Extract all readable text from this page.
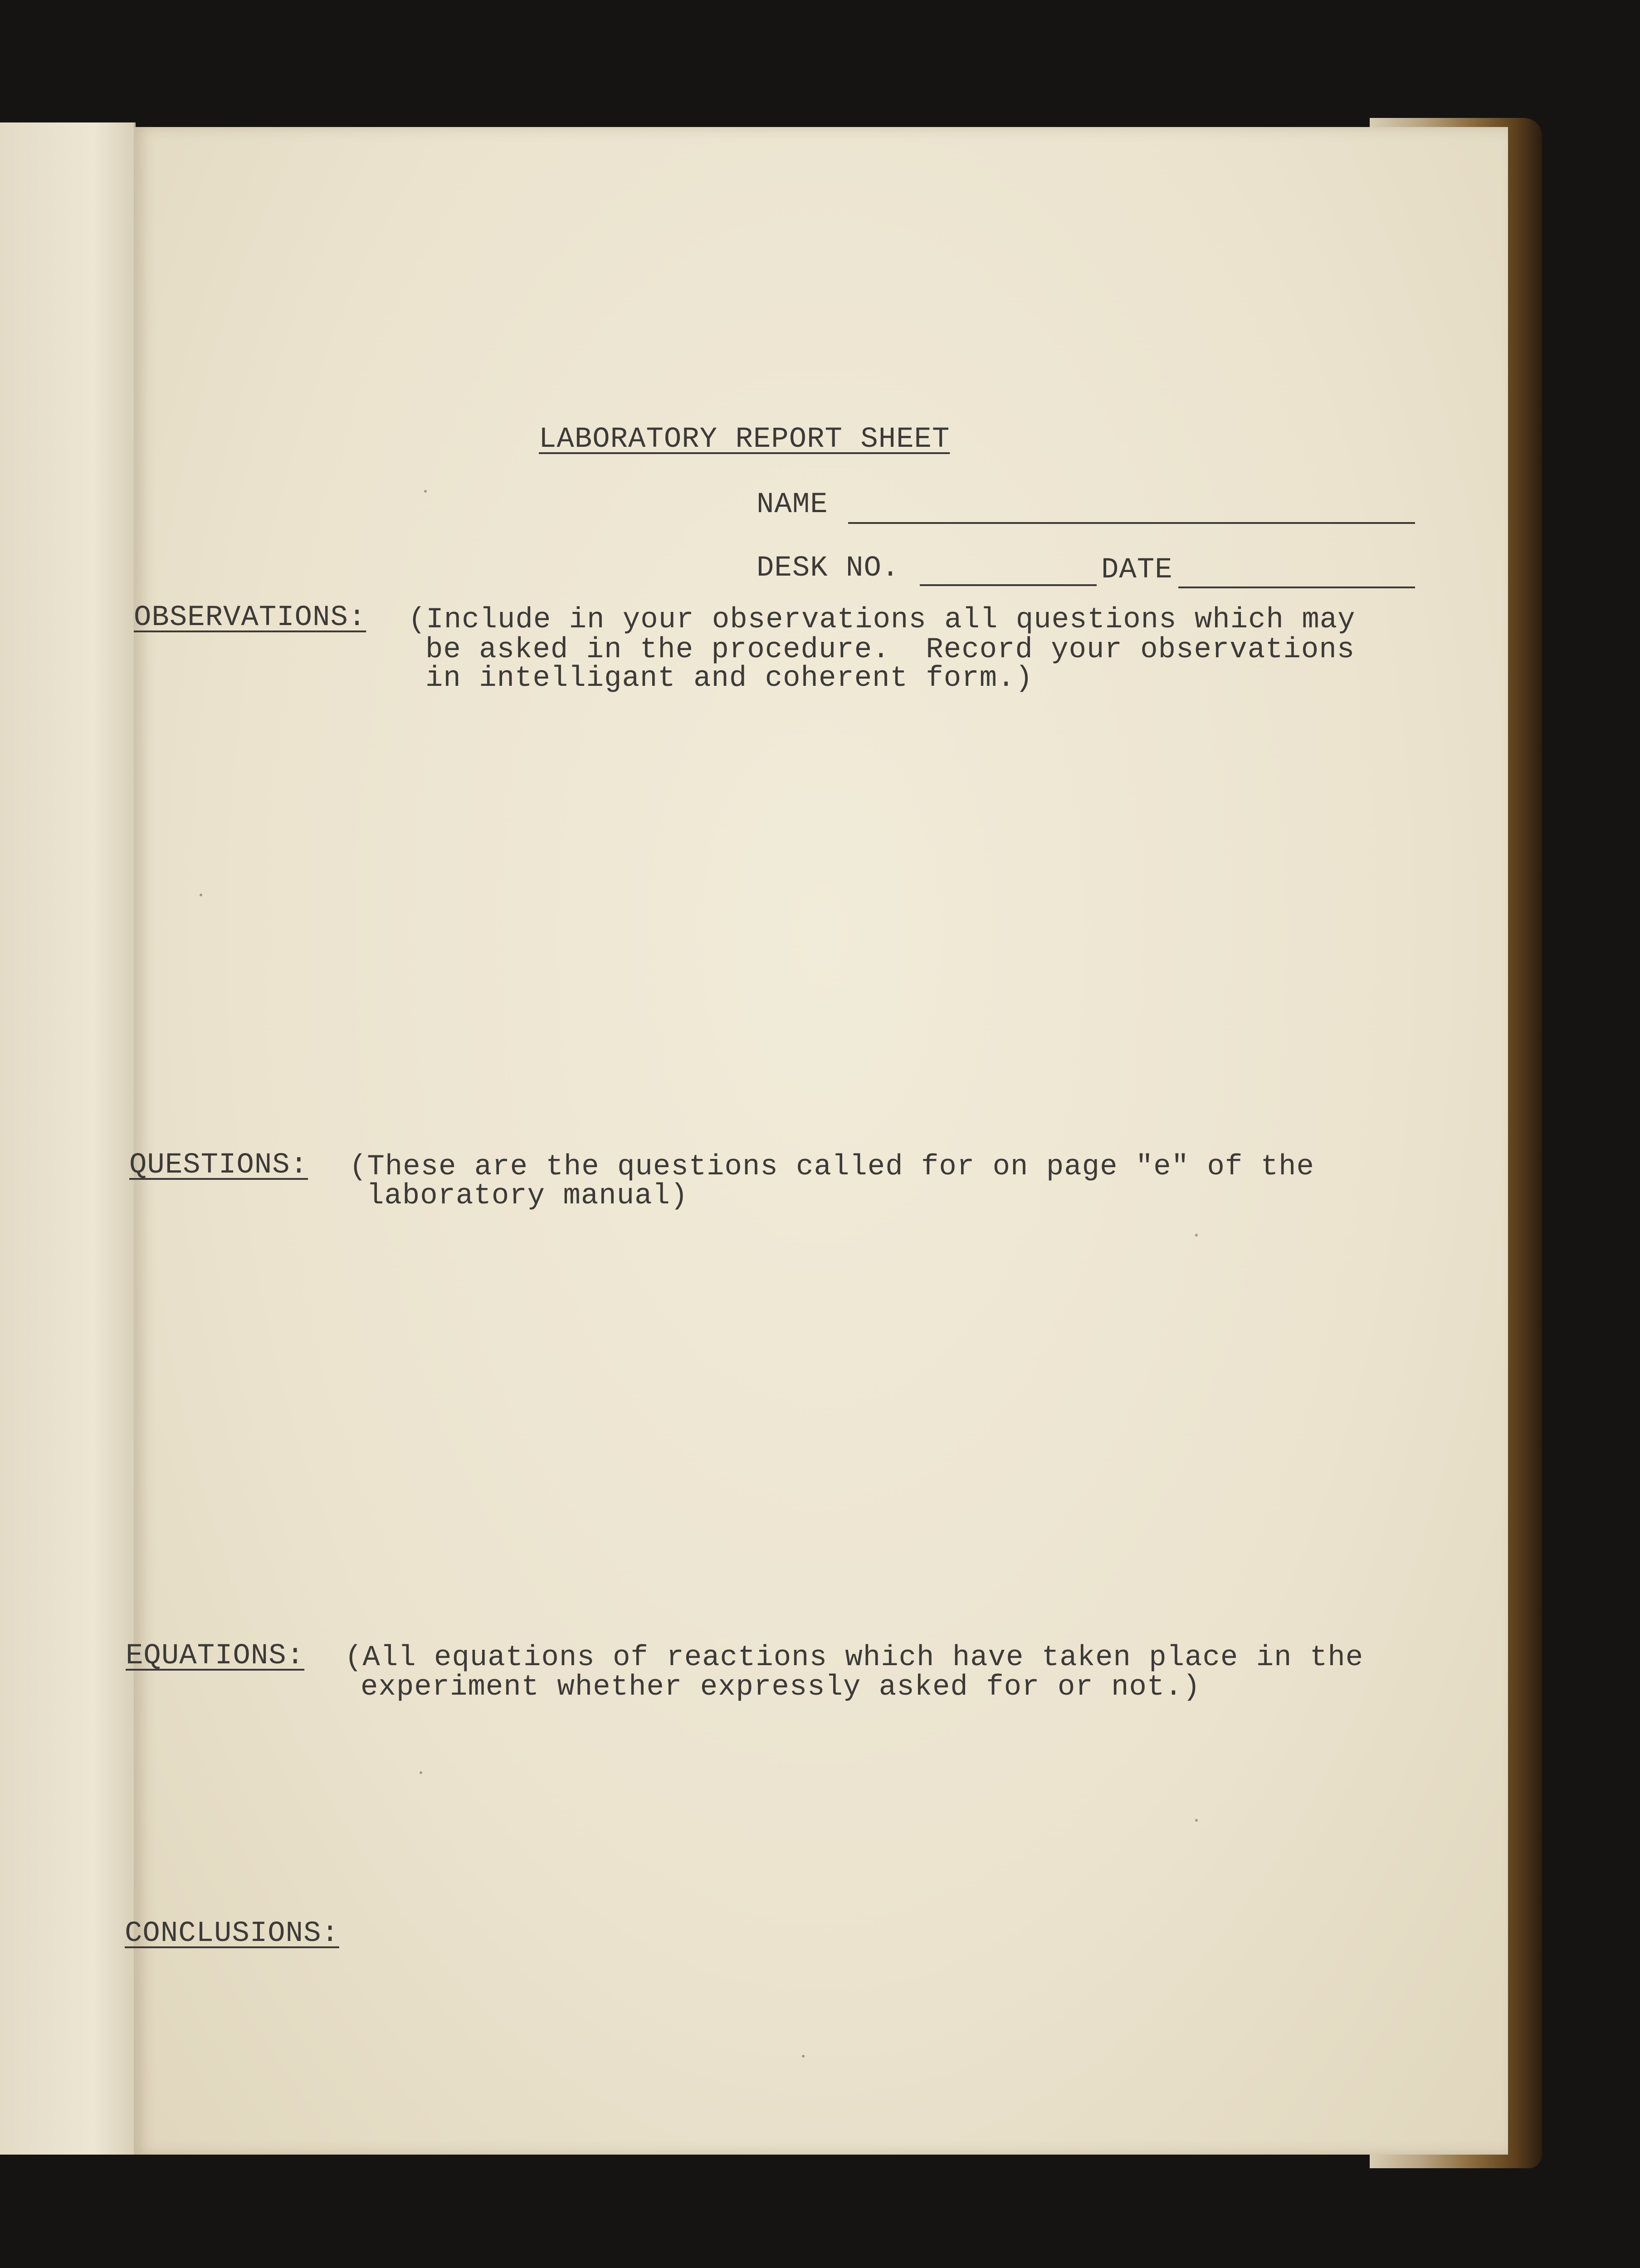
LABORATORY REPORT SHEET
NAME
DESK NO.	DATE
OBSERVATIONS: (Include in your observations all questions which may
be asked in the procedure.  Record your observations
in intelligant and coherent form.)
QUESTIONS: (These are the questions called for on page "e" of the
laboratory manual)
EQUATIONS: (All equations of reactions which have taken place in the
experiment whether expressly asked for or not.)
CONCLUSIONS:
